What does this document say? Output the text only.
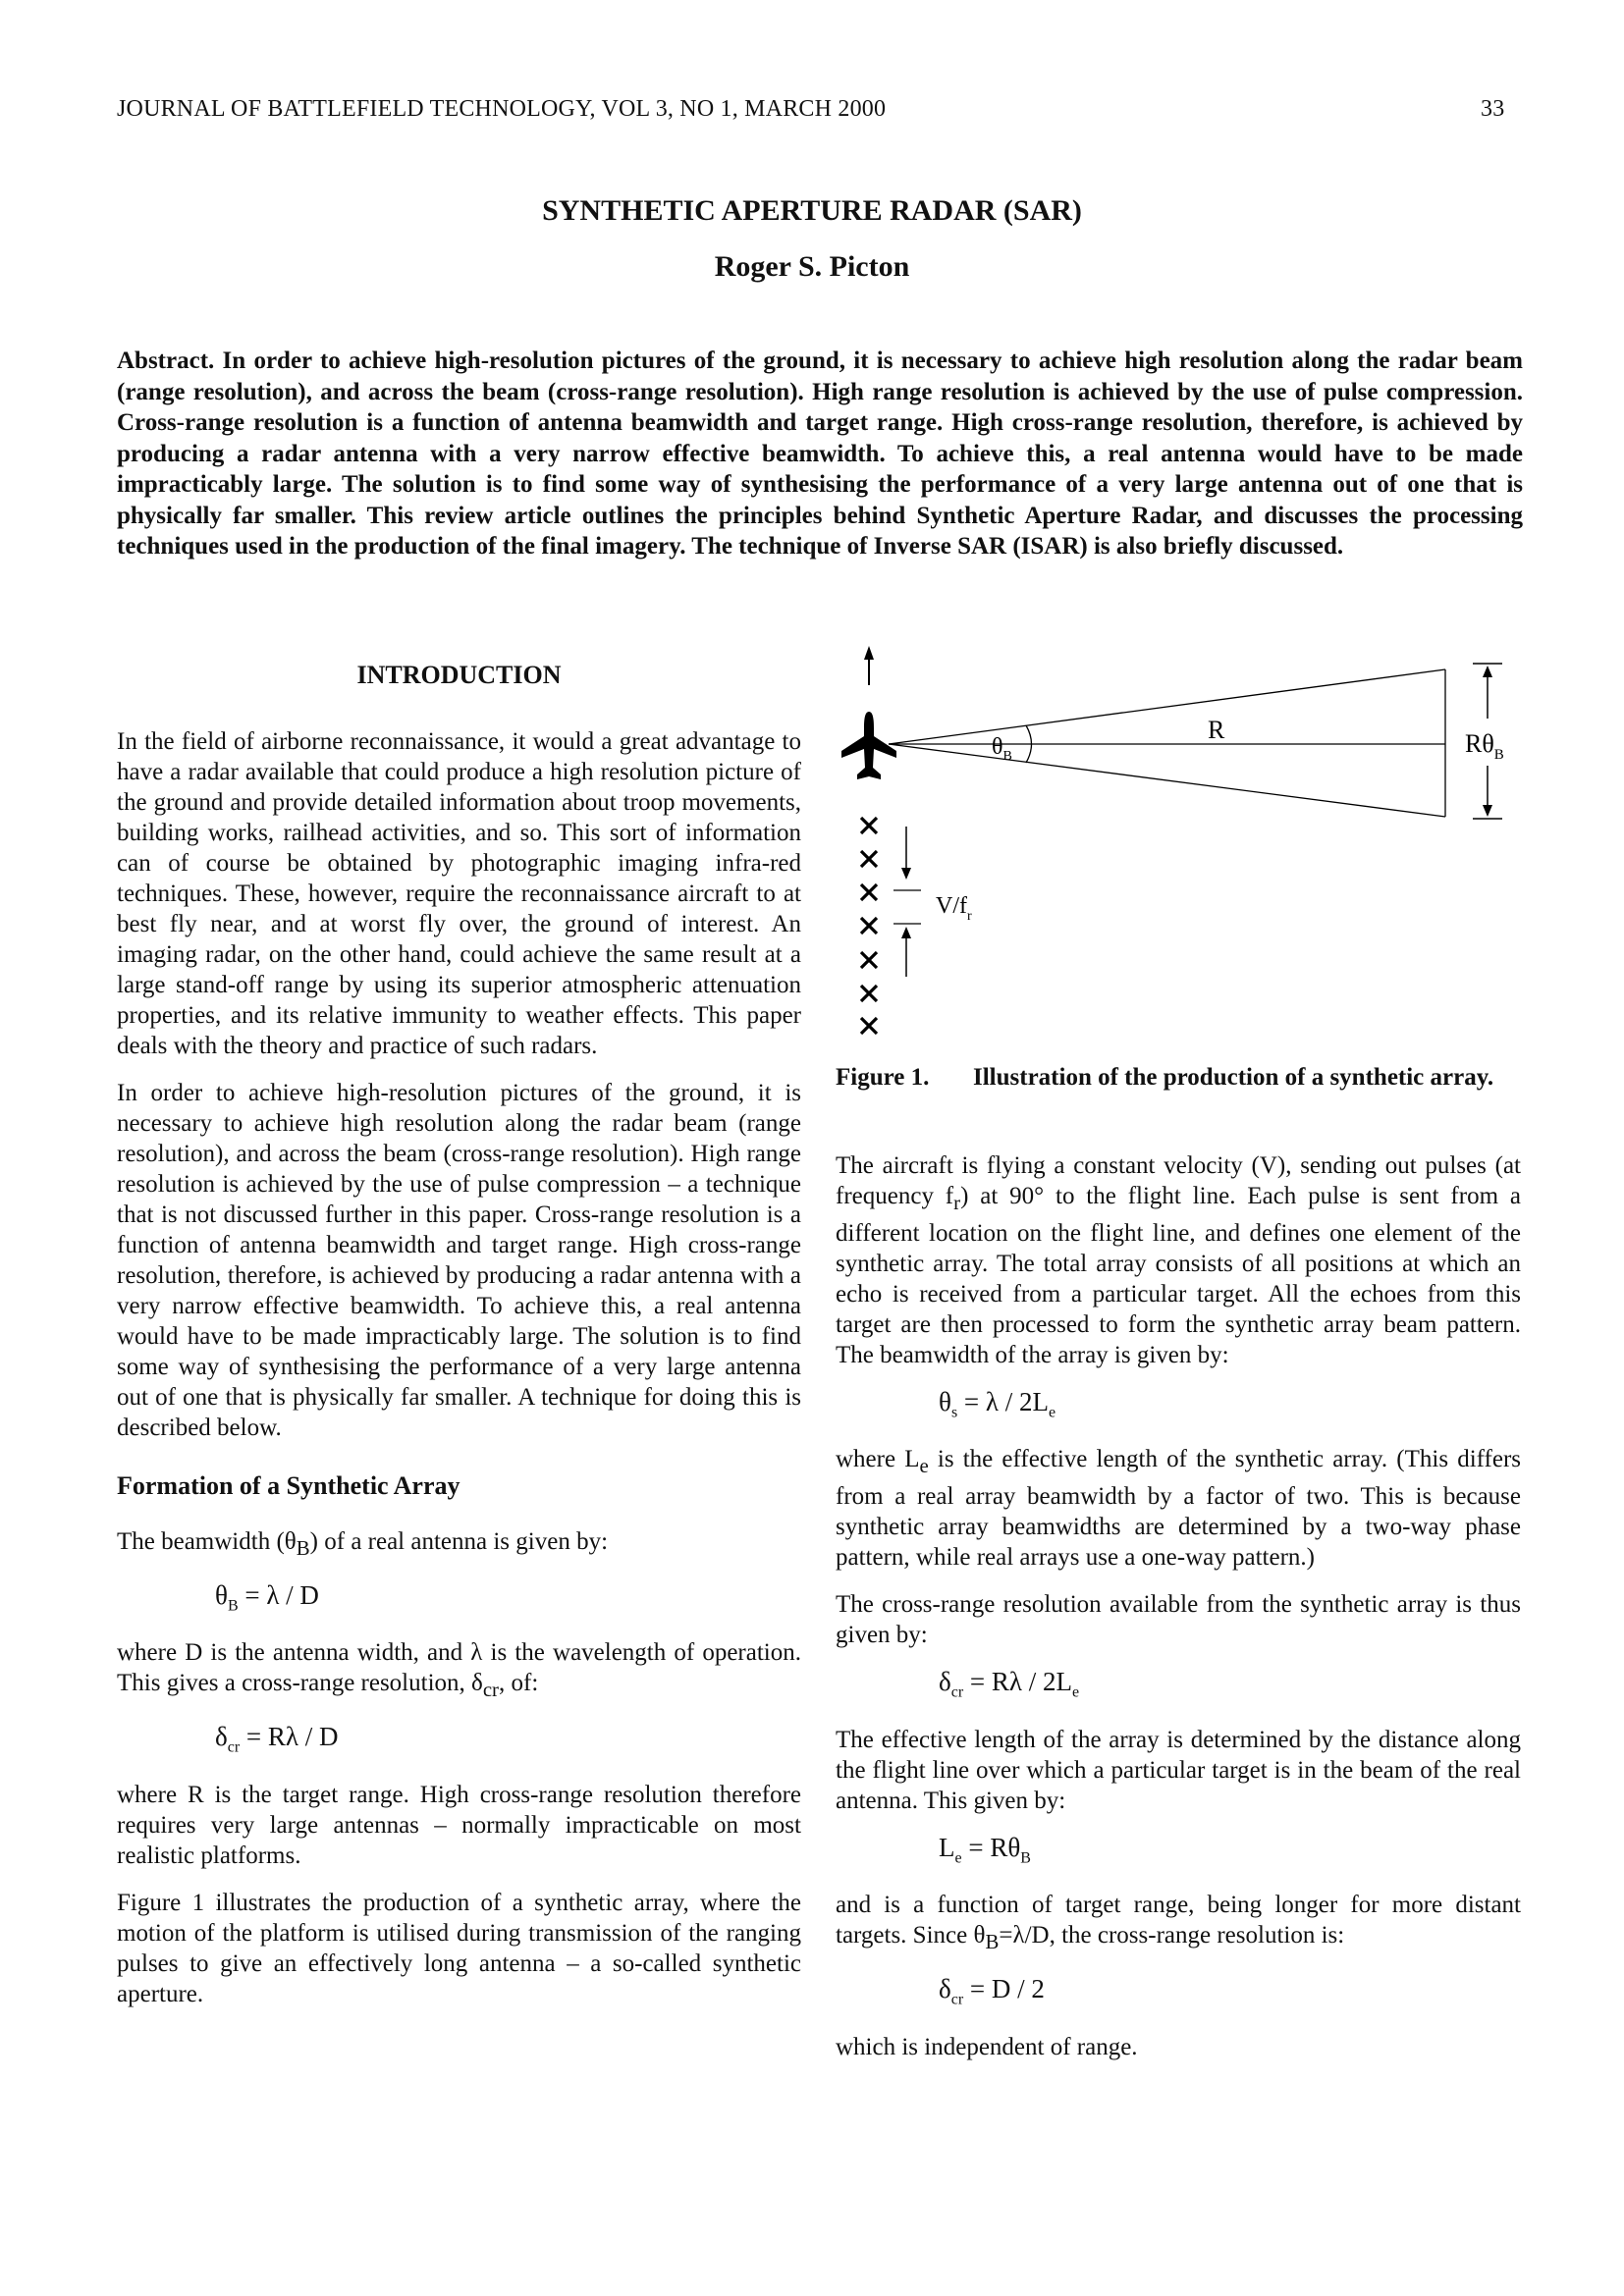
JOURNAL OF BATTLEFIELD TECHNOLOGY, VOL 3, NO 1, MARCH 2000	33
SYNTHETIC APERTURE RADAR (SAR)
Roger S. Picton

Abstract. In order to achieve high-resolution pictures of the ground, it is necessary to achieve high resolution along the radar beam (range resolution), and across the beam (cross-range resolution). High range resolution is achieved by the use of pulse compression. Cross-range resolution is a function of antenna beamwidth and target range. High cross-range resolution, therefore, is achieved by producing a radar antenna with a very narrow effective beamwidth. To achieve this, a real antenna would have to be made impracticably large. The solution is to find some way of synthesising the performance of a very large antenna out of one that is physically far smaller. This review article outlines the principles behind Synthetic Aperture Radar, and discusses the processing techniques used in the production of the final imagery. The technique of Inverse SAR (ISAR) is also briefly discussed.

INTRODUCTION

In the field of airborne reconnaissance, it would a great advantage to have a radar available that could produce a high resolution picture of the ground and provide detailed information about troop movements, building works, railhead activities, and so. This sort of information can of course be obtained by photographic imaging infra-red techniques. These, however, require the reconnaissance aircraft to at best fly near, and at worst fly over, the ground of interest. An imaging radar, on the other hand, could achieve the same result at a large stand-off range by using its superior atmospheric attenuation properties, and its relative immunity to weather effects. This paper deals with the theory and practice of such radars.

In order to achieve high-resolution pictures of the ground, it is necessary to achieve high resolution along the radar beam (range resolution), and across the beam (cross-range resolution). High range resolution is achieved by the use of pulse compression – a technique that is not discussed further in this paper. Cross-range resolution is a function of antenna beamwidth and target range. High cross-range resolution, therefore, is achieved by producing a radar antenna with a very narrow effective beamwidth. To achieve this, a real antenna would have to be made impracticably large. The solution is to find some way of synthesising the performance of a very large antenna out of one that is physically far smaller. A technique for doing this is described below.

Formation of a Synthetic Array

The beamwidth $(\theta_B)$ of a real antenna is given by:

$\theta_B = \lambda / D$

where D is the antenna width, and λ is the wavelength of operation. This gives a cross-range resolution, $\delta_{cr}$, of:

$\delta_{cr} = R\lambda / D$

where R is the target range. High cross-range resolution therefore requires very large antennas – normally impracticable on most realistic platforms.

Figure 1 illustrates the production of a synthetic array, where the motion of the platform is utilised during transmission of the ranging pulses to give an effectively long antenna – a so-called synthetic aperture.

$\theta_B$
R	$R\theta_B$
$V/f_r$
Figure 1. Illustration of the production of a synthetic array.

The aircraft is flying a constant velocity (V), sending out pulses (at frequency $f_r$) at 90° to the flight line. Each pulse is sent from a different location on the flight line, and defines one element of the synthetic array. The total array consists of all positions at which an echo is received from a particular target. All the echoes from this target are then processed to form the synthetic array beam pattern. The beamwidth of the array is given by:

$\theta_s = \lambda / 2L_e$

where $L_e$ is the effective length of the synthetic array. (This differs from a real array beamwidth by a factor of two. This is because synthetic array beamwidths are determined by a two-way phase pattern, while real arrays use a one-way pattern.)

The cross-range resolution available from the synthetic array is thus given by:

$\delta_{cr} = R\lambda / 2L_e$

The effective length of the array is determined by the distance along the flight line over which a particular target is in the beam of the real antenna. This given by:

$L_e = R\theta_B$

and is a function of target range, being longer for more distant targets. Since $\theta_B=\lambda/D$, the cross-range resolution is:

$\delta_{cr} = D / 2$

which is independent of range.
